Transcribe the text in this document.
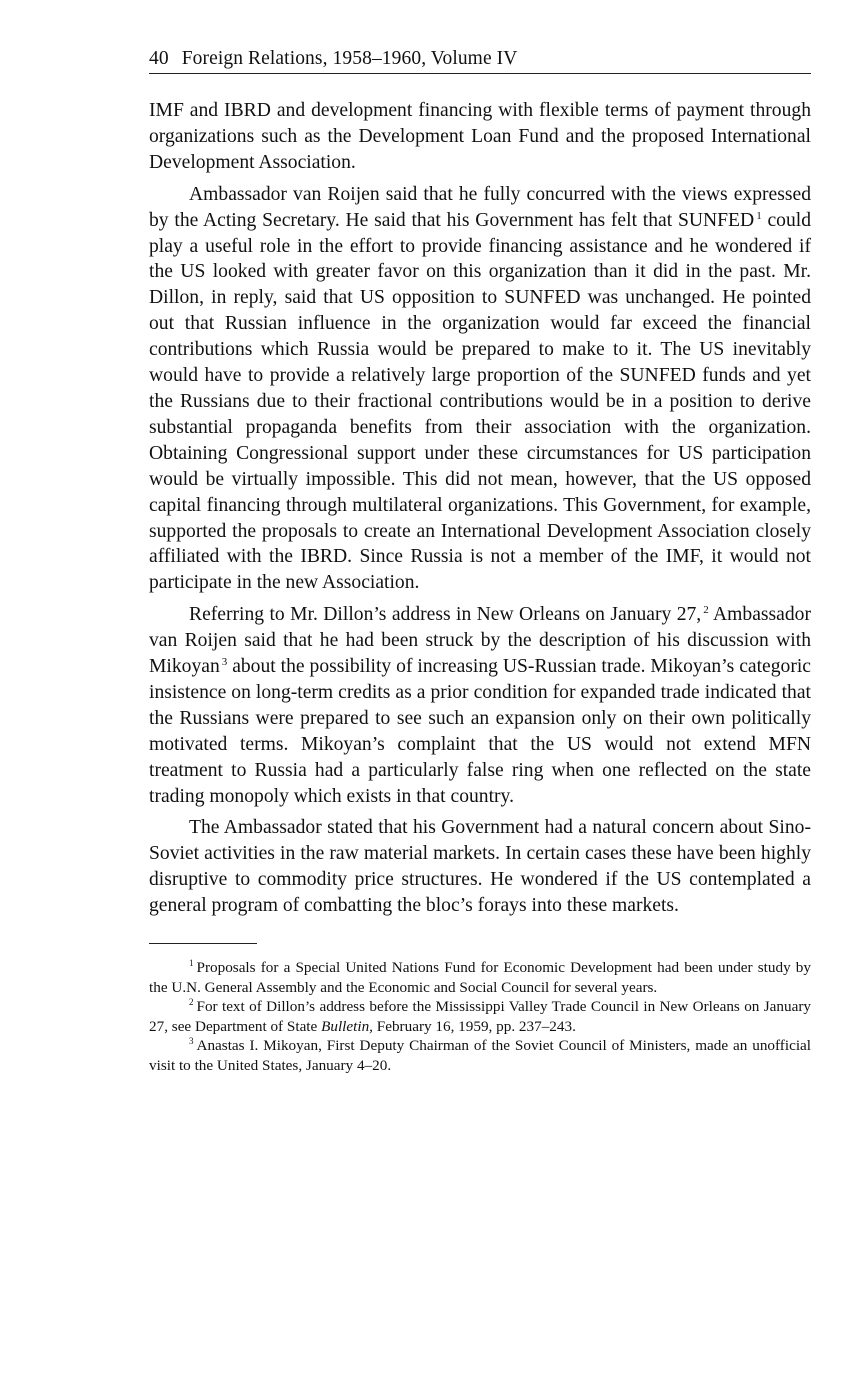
40 Foreign Relations, 1958–1960, Volume IV

IMF and IBRD and development financing with flexible terms of payment through organizations such as the Development Loan Fund and the proposed International Development Association.

Ambassador van Roijen said that he fully concurred with the views expressed by the Acting Secretary. He said that his Government has felt that SUNFED $^1$ could play a useful role in the effort to provide financing assistance and he wondered if the US looked with greater favor on this organization than it did in the past. Mr. Dillon, in reply, said that US opposition to SUNFED was unchanged. He pointed out that Russian influence in the organization would far exceed the financial contributions which Russia would be prepared to make to it. The US inevitably would have to provide a relatively large proportion of the SUNFED funds and yet the Russians due to their fractional contributions would be in a position to derive substantial propaganda benefits from their association with the organization. Obtaining Congressional support under these circumstances for US participation would be virtually impossible. This did not mean, however, that the US opposed capital financing through multilateral organizations. This Government, for example, supported the proposals to create an International Development Association closely affiliated with the IBRD. Since Russia is not a member of the IMF, it would not participate in the new Association.

Referring to Mr. Dillon’s address in New Orleans on January 27, $^2$ Ambassador van Roijen said that he had been struck by the description of his discussion with Mikoyan $^3$ about the possibility of increasing US-Russian trade. Mikoyan’s categoric insistence on long-term credits as a prior condition for expanded trade indicated that the Russians were prepared to see such an expansion only on their own politically motivated terms. Mikoyan’s complaint that the US would not extend MFN treatment to Russia had a particularly false ring when one reflected on the state trading monopoly which exists in that country.

The Ambassador stated that his Government had a natural concern about Sino-Soviet activities in the raw material markets. In certain cases these have been highly disruptive to commodity price structures. He wondered if the US contemplated a general program of combatting the bloc’s forays into these markets.

$^1$ Proposals for a Special United Nations Fund for Economic Development had been under study by the U.N. General Assembly and the Economic and Social Council for several years.

$^2$ For text of Dillon’s address before the Mississippi Valley Trade Council in New Orleans on January 27, see Department of State Bulletin, February 16, 1959, pp. 237–243.

$^3$ Anastas I. Mikoyan, First Deputy Chairman of the Soviet Council of Ministers, made an unofficial visit to the United States, January 4–20.
